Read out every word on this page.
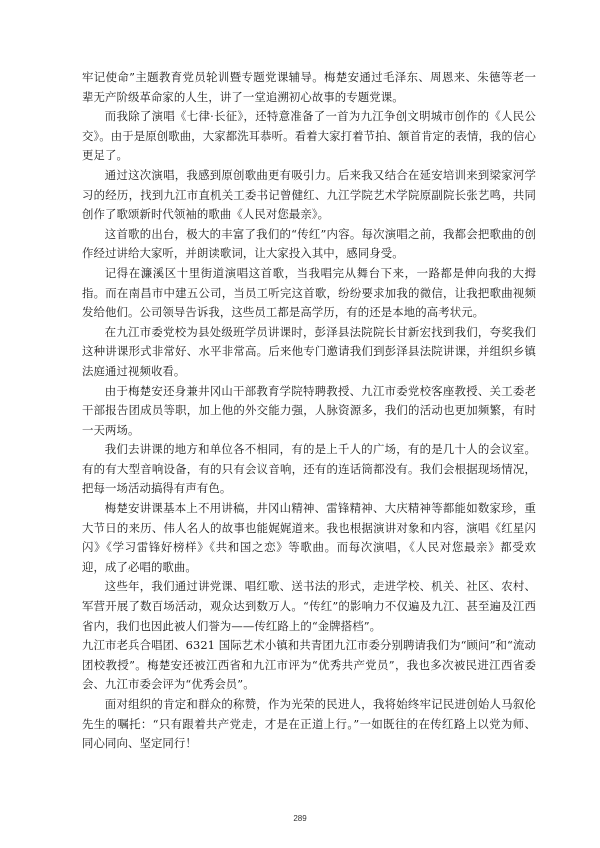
牢记使命”主题教育党员轮训暨专题党课辅导。梅楚安通过毛泽东、周恩来、朱德等老一辈无产阶级革命家的人生，讲了一堂追溯初心故事的专题党课。

而我除了演唱《七律·长征》，还特意准备了一首为九江争创文明城市创作的《人民公交》。由于是原创歌曲，大家都洗耳恭听。看着大家打着节拍、颔首肯定的表情，我的信心更足了。

通过这次演唱，我感到原创歌曲更有吸引力。后来我又结合在延安培训来到梁家河学习的经历，找到九江市直机关工委书记曾健红、九江学院艺术学院原副院长张艺鸣，共同创作了歌颂新时代领袖的歌曲《人民对您最亲》。

这首歌的出台，极大的丰富了我们的“传红”内容。每次演唱之前，我都会把歌曲的创作经过讲给大家听，并朗读歌词，让大家投入其中，感同身受。

记得在濂溪区十里街道演唱这首歌，当我唱完从舞台下来，一路都是伸向我的大拇指。而在南昌市中建五公司，当员工听完这首歌，纷纷要求加我的微信，让我把歌曲视频发给他们。公司领导告诉我，这些员工都是高学历，有的还是本地的高考状元。

在九江市委党校为县处级班学员讲课时，彭泽县法院院长甘新宏找到我们，夸奖我们这种讲课形式非常好、水平非常高。后来他专门邀请我们到彭泽县法院讲课，并组织乡镇法庭通过视频收看。

由于梅楚安还身兼井冈山干部教育学院特聘教授、九江市委党校客座教授、关工委老干部报告团成员等职，加上他的外交能力强，人脉资源多，我们的活动也更加频繁，有时一天两场。

我们去讲课的地方和单位各不相同，有的是上千人的广场，有的是几十人的会议室。有的有大型音响设备，有的只有会议音响，还有的连话筒都没有。我们会根据现场情况，把每一场活动搞得有声有色。

梅楚安讲课基本上不用讲稿，井冈山精神、雷锋精神、大庆精神等都能如数家珍，重大节日的来历、伟人名人的故事也能娓娓道来。我也根据演讲对象和内容，演唱《红星闪闪》《学习雷锋好榜样》《共和国之恋》等歌曲。而每次演唱，《人民对您最亲》都受欢迎，成了必唱的歌曲。

这些年，我们通过讲党课、唱红歌、送书法的形式，走进学校、机关、社区、农村、军营开展了数百场活动，观众达到数万人。“传红”的影响力不仅遍及九江、甚至遍及江西省内，我们也因此被人们誉为——传红路上的“金牌搭档”。

九江市老兵合唱团、6321 国际艺术小镇和共青团九江市委分别聘请我们为“顾问”和“流动团校教授”。梅楚安还被江西省和九江市评为“优秀共产党员”，我也多次被民进江西省委会、九江市委会评为“优秀会员”。

面对组织的肯定和群众的称赞，作为光荣的民进人，我将始终牢记民进创始人马叙伦先生的嘱托：“只有跟着共产党走，才是在正道上行。”一如既往的在传红路上以党为师、同心同向、坚定同行！

289
